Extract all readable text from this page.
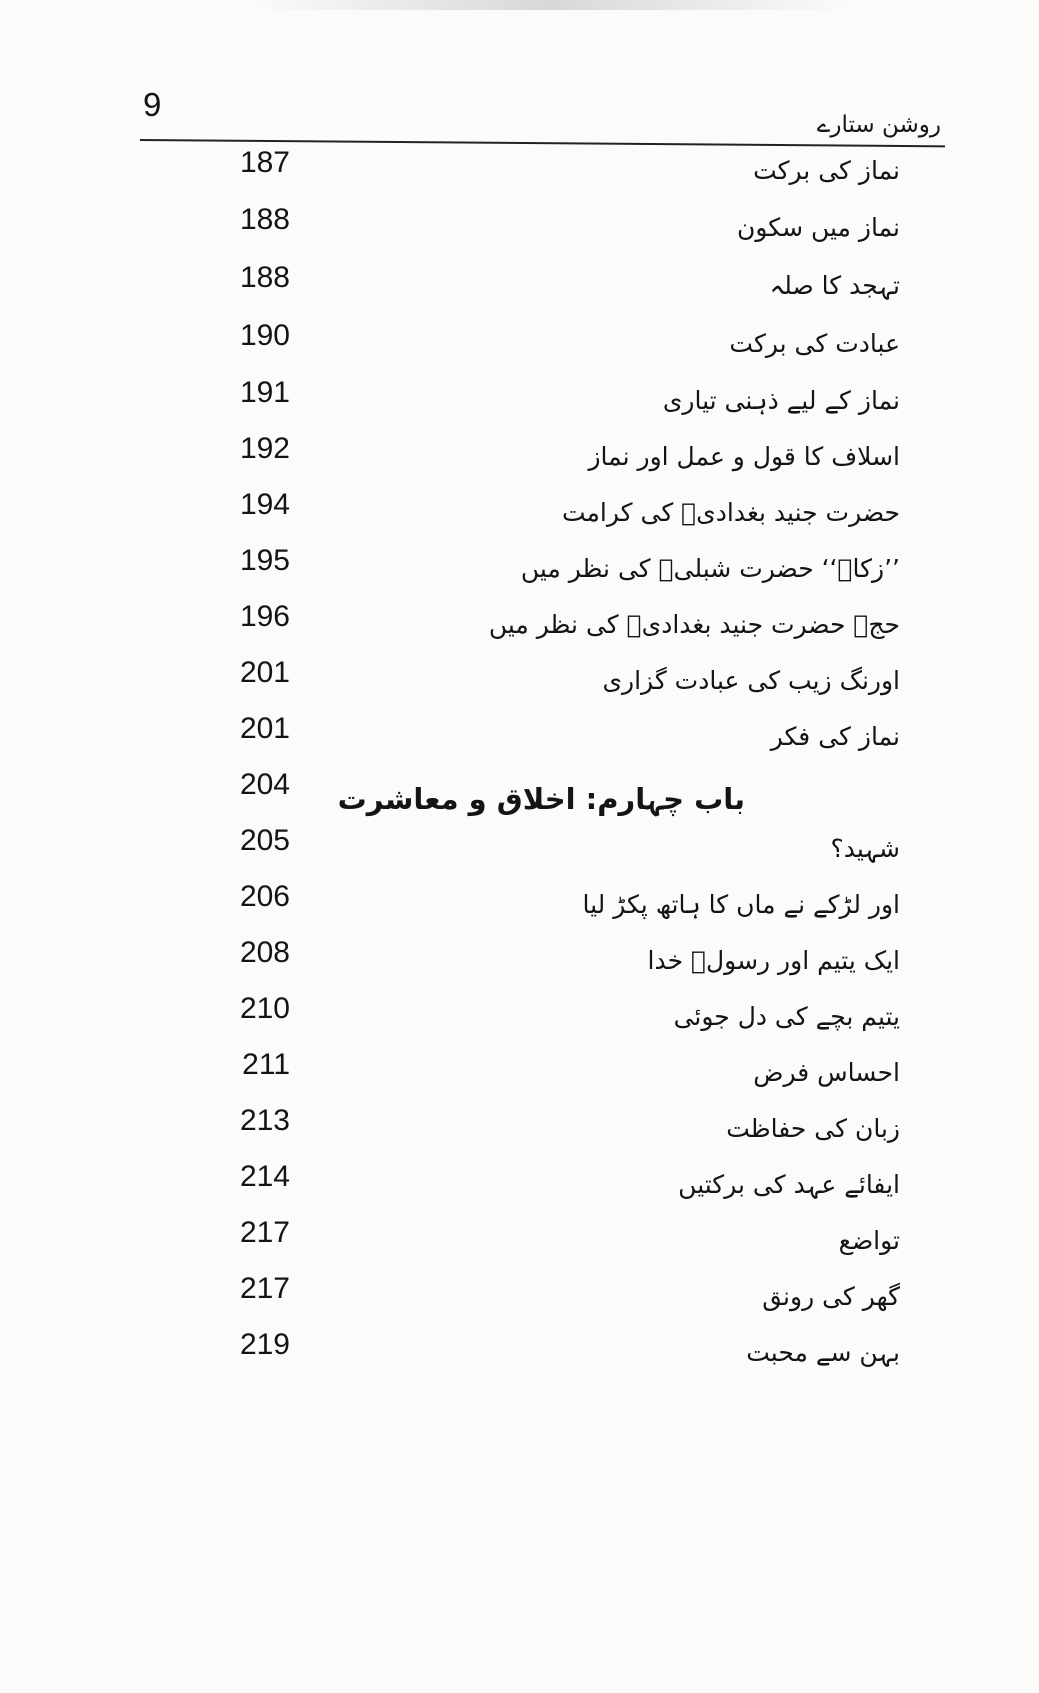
9
روشن ستارے
187	نماز کی برکت
188	نماز میں سکون
188	تہجد کا صلہ
190	عبادت کی برکت
191	نماز کے لیے ذہنی تیاری
192	اسلاف کا قول و عمل اور نماز
194	حضرت جنید بغدادیؒ کی کرامت
195	’’زکاۃ‘‘ حضرت شبلیؒ کی نظر میں
196	حج۔ حضرت جنید بغدادیؒ کی نظر میں
201	اورنگ زیب کی عبادت گزاری
201	نماز کی فکر
204 باب چہارم: اخلاق و معاشرت
205	شہید؟
206	اور لڑکے نے ماں کا ہاتھ پکڑ لیا
208	ایک یتیم اور رسولؐ خدا
210	یتیم بچے کی دل جوئی
211	احساس فرض
213	زبان کی حفاظت
214	ایفائے عہد کی برکتیں
217	تواضع
217	گھر کی رونق
219	بہن سے محبت
